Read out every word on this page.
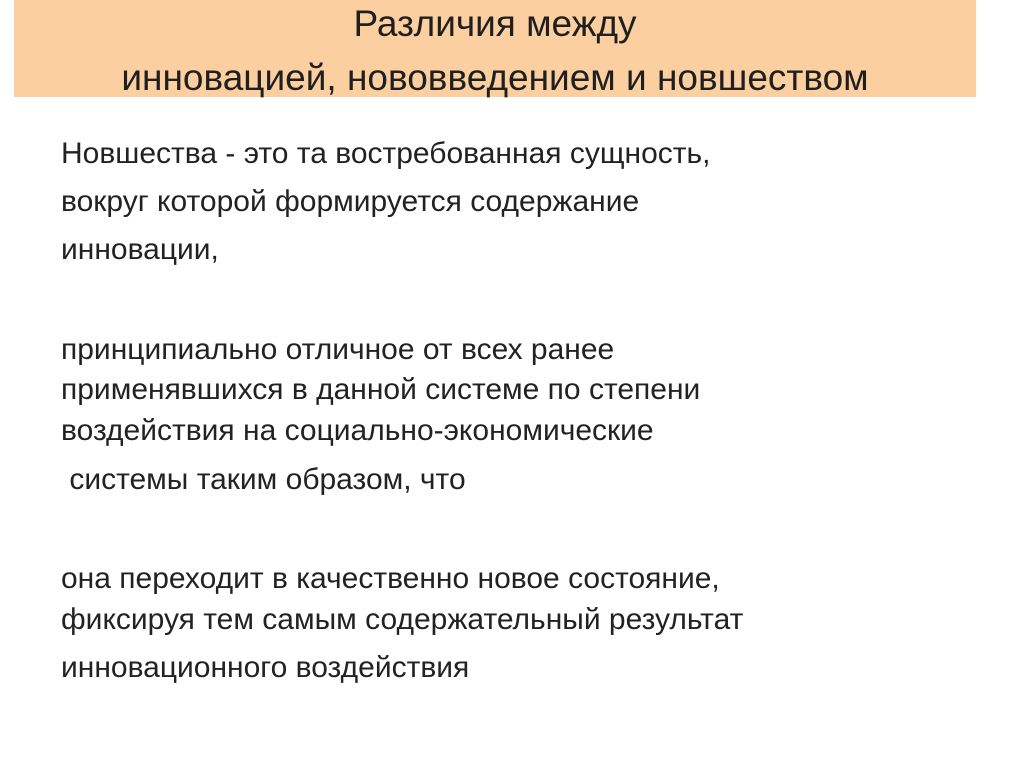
Различия между
инновацией, нововведением и новшеством
Новшества - это та востребованная сущность,
вокруг которой формируется содержание
инновации,
принципиально отличное от всех ранее
применявшихся в данной системе по степени
воздействия на социально-экономические
системы таким образом, что
она переходит в качественно новое состояние,
фиксируя тем самым содержательный результат
инновационного воздействия
